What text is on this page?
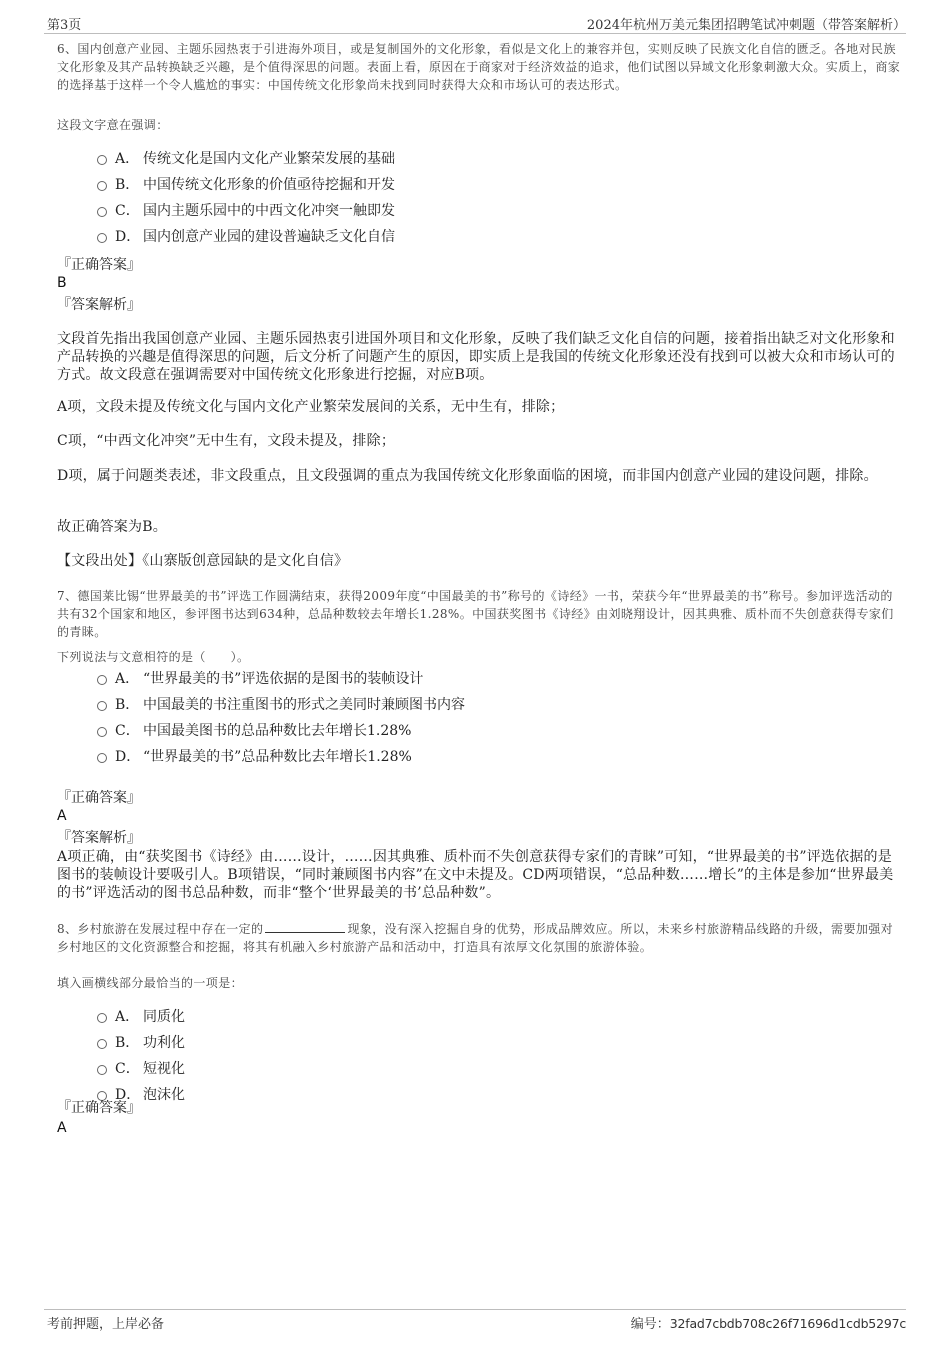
第3页	2024年杭州万美元集团招聘笔试冲刺题（带答案解析）
6、国内创意产业园、主题乐园热衷于引进海外项目，或是复制国外的文化形象，看似是文化上的兼容并包，实则反映了民族文化自信的匮乏。各地对民族文化形象及其产品转换缺乏兴趣，是个值得深思的问题。表面上看，原因在于商家对于经济效益的追求，他们试图以异域文化形象刺激大众。实质上，商家的选择基于这样一个令人尴尬的事实：中国传统文化形象尚未找到同时获得大众和市场认可的表达形式。
这段文字意在强调：
A． 传统文化是国内文化产业繁荣发展的基础
B． 中国传统文化形象的价值亟待挖掘和开发
C． 国内主题乐园中的中西文化冲突一触即发
D． 国内创意产业园的建设普遍缺乏文化自信
『正确答案』
B
『答案解析』
文段首先指出我国创意产业园、主题乐园热衷引进国外项目和文化形象，反映了我们缺乏文化自信的问题，接着指出缺乏对文化形象和产品转换的兴趣是值得深思的问题，后文分析了问题产生的原因，即实质上是我国的传统文化形象还没有找到可以被大众和市场认可的方式。故文段意在强调需要对中国传统文化形象进行挖掘，对应B项。
A项，文段未提及传统文化与国内文化产业繁荣发展间的关系，无中生有，排除；
C项，“中西文化冲突”无中生有，文段未提及，排除；
D项，属于问题类表述，非文段重点，且文段强调的重点为我国传统文化形象面临的困境，而非国内创意产业园的建设问题，排除。
故正确答案为B。
【文段出处】《山寨版创意园缺的是文化自信》
7、德国莱比锡“世界最美的书”评选工作圆满结束，获得2009年度“中国最美的书”称号的《诗经》一书，荣获今年“世界最美的书”称号。参加评选活动的共有32个国家和地区，参评图书达到634种，总品种数较去年增长1.28%。中国获奖图书《诗经》由刘晓翔设计，因其典雅、质朴而不失创意获得专家们的青睐。
下列说法与文意相符的是（　　）。
A． “世界最美的书”评选依据的是图书的装帧设计
B． 中国最美的书注重图书的形式之美同时兼顾图书内容
C． 中国最美图书的总品种数比去年增长1.28%
D． “世界最美的书”总品种数比去年增长1.28%
『正确答案』
A
『答案解析』
A项正确，由“获奖图书《诗经》由……设计，……因其典雅、质朴而不失创意获得专家们的青睐”可知，“世界最美的书”评选依据的是图书的装帧设计要吸引人。B项错误，“同时兼顾图书内容”在文中未提及。CD两项错误，“总品种数……增长”的主体是参加“世界最美的书”评选活动的图书总品种数，而非“整个‘世界最美的书’总品种数”。
8、乡村旅游在发展过程中存在一定的	现象，没有深入挖掘自身的优势，形成品牌效应。所以，未来乡村旅游精品线路的升级，需要加强对乡村地区的文化资源整合和挖掘，将其有机融入乡村旅游产品和活动中，打造具有浓厚文化氛围的旅游体验。
填入画横线部分最恰当的一项是：
A． 同质化
B． 功利化
C． 短视化
D． 泡沫化
『正确答案』
A
考前押题，上岸必备	编号：32fad7cbdb708c26f71696d1cdb5297c
